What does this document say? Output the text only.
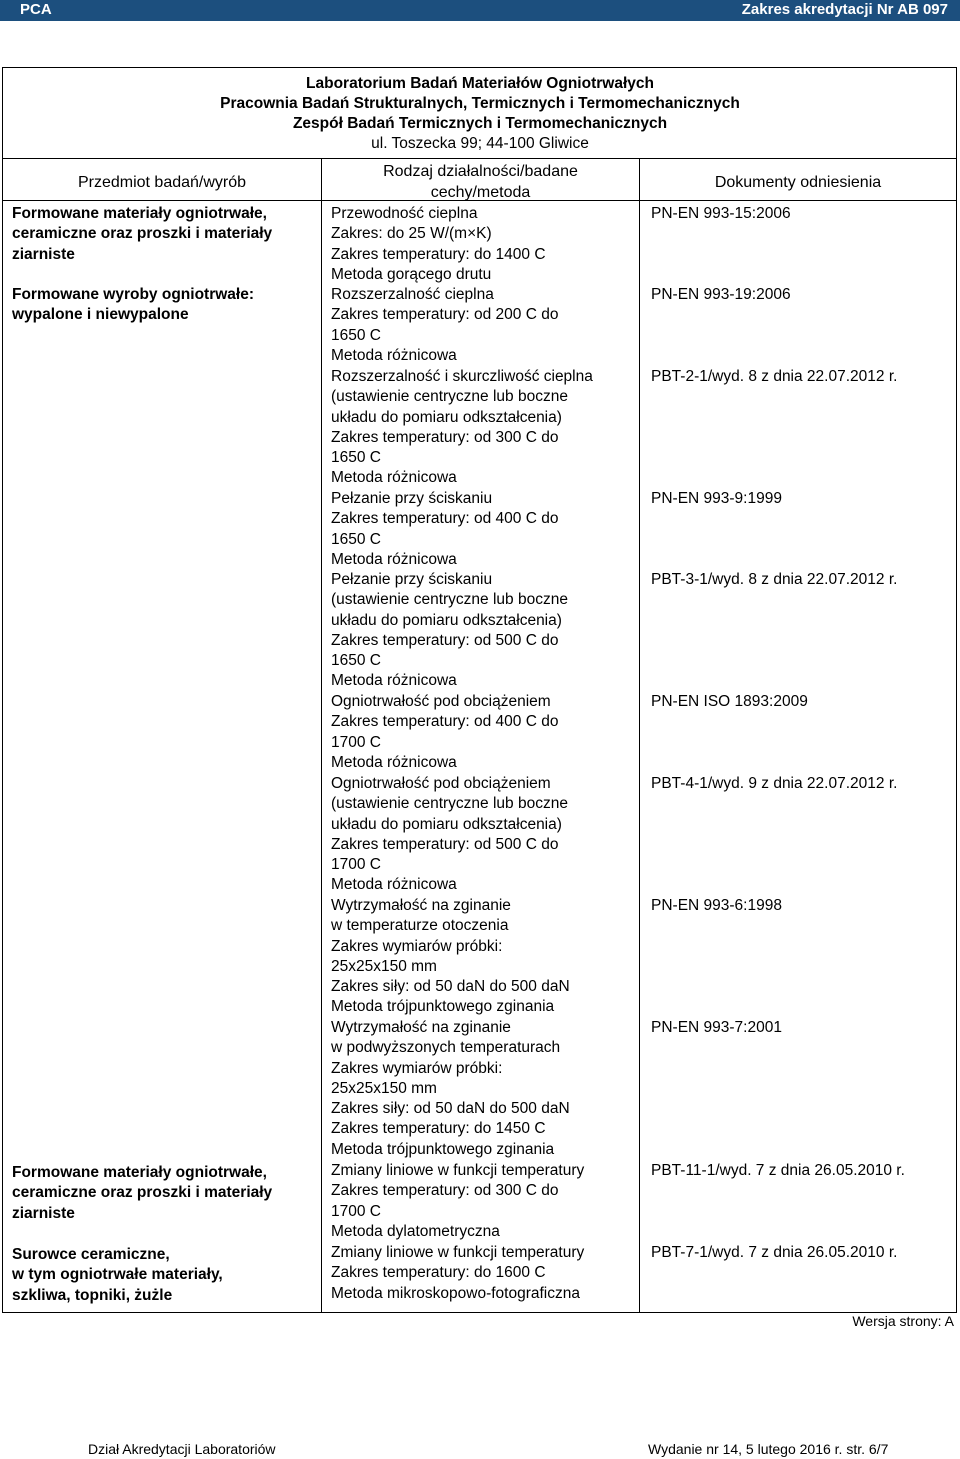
PCA	Zakres akredytacji Nr AB 097
Laboratorium Badań Materiałów Ogniotrwałych
Pracownia Badań Strukturalnych, Termicznych i Termomechanicznych
Zespół Badań Termicznych i Termomechanicznych
ul. Toszecka 99; 44-100 Gliwice
Przedmiot badań/wyrób
Rodzaj działalności/badane
cechy/metoda
Dokumenty odniesienia
Formowane materiały ogniotrwałe,
ceramiczne oraz proszki i materiały
ziarniste
Formowane wyroby ogniotrwałe:
wypalone i niewypalone
Formowane materiały ogniotrwałe,
ceramiczne oraz proszki i materiały
ziarniste
Surowce ceramiczne,
w tym ogniotrwałe materiały,
szkliwa, topniki, żużle
Przewodność cieplna
Zakres: do 25 W/(m×K)
Zakres temperatury: do 1400 C
Metoda gorącego drutu
PN-EN 993-15:2006
Rozszerzalność cieplna
Zakres temperatury: od 200 C do
1650 C
Metoda różnicowa
PN-EN 993-19:2006
Rozszerzalność i skurczliwość cieplna
(ustawienie centryczne lub boczne
układu do pomiaru odkształcenia)
Zakres temperatury: od 300 C do
1650 C
Metoda różnicowa
PBT-2-1/wyd. 8 z dnia 22.07.2012 r.
Pełzanie przy ściskaniu
Zakres temperatury: od 400 C do
1650 C
Metoda różnicowa
PN-EN 993-9:1999
Pełzanie przy ściskaniu
(ustawienie centryczne lub boczne
układu do pomiaru odkształcenia)
Zakres temperatury: od 500 C do
1650 C
Metoda różnicowa
PBT-3-1/wyd. 8 z dnia 22.07.2012 r.
Ogniotrwałość pod obciążeniem
Zakres temperatury: od 400 C do
1700 C
Metoda różnicowa
PN-EN ISO 1893:2009
Ogniotrwałość pod obciążeniem
(ustawienie centryczne lub boczne
układu do pomiaru odkształcenia)
Zakres temperatury: od 500 C do
1700 C
Metoda różnicowa
PBT-4-1/wyd. 9 z dnia 22.07.2012 r.
Wytrzymałość na zginanie
w temperaturze otoczenia
Zakres wymiarów próbki:
25x25x150 mm
Zakres siły: od 50 daN do 500 daN
Metoda trójpunktowego zginania
PN-EN 993-6:1998
Wytrzymałość na zginanie
w podwyższonych temperaturach
Zakres wymiarów próbki:
25x25x150 mm
Zakres siły: od 50 daN do 500 daN
Zakres temperatury: do 1450 C
Metoda trójpunktowego zginania
PN-EN 993-7:2001
Zmiany liniowe w funkcji temperatury
Zakres temperatury: od 300 C do
1700 C
Metoda dylatometryczna
PBT-11-1/wyd. 7 z dnia 26.05.2010 r.
Zmiany liniowe w funkcji temperatury
Zakres temperatury: do 1600 C
Metoda mikroskopowo-fotograficzna
PBT-7-1/wyd. 7 z dnia 26.05.2010 r.
Wersja strony: A
Dział Akredytacji Laboratoriów	Wydanie nr 14, 5 lutego 2016 r. str. 6/7
